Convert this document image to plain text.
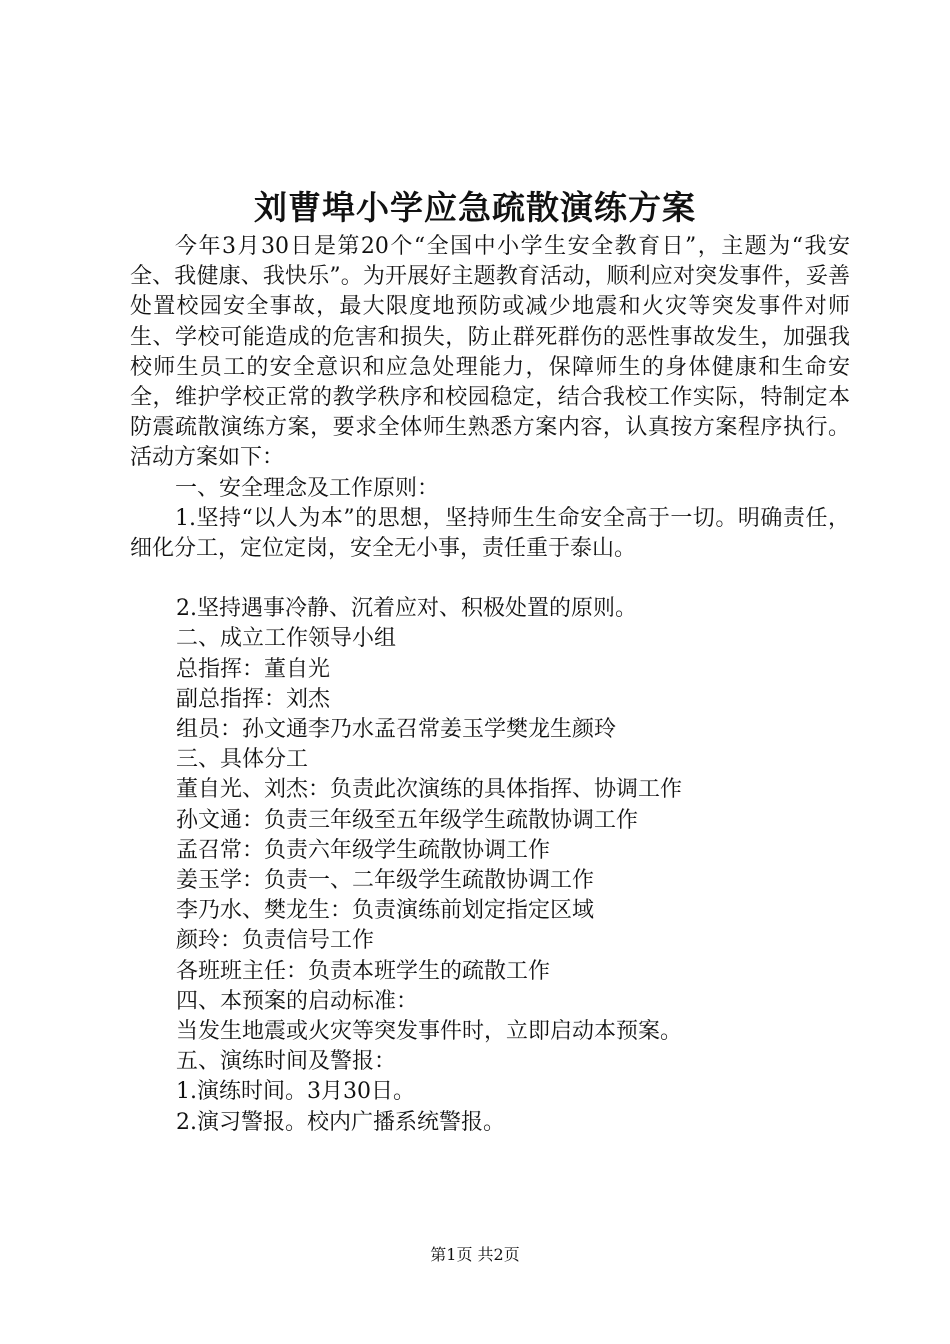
刘曹埠小学应急疏散演练方案

今年3月30日是第20个“全国中小学生安全教育日”，主题为“我安全、我健康、我快乐”。为开展好主题教育活动，顺利应对突发事件，妥善处置校园安全事故，最大限度地预防或减少地震和火灾等突发事件对师生、学校可能造成的危害和损失，防止群死群伤的恶性事故发生，加强我校师生员工的安全意识和应急处理能力，保障师生的身体健康和生命安全，维护学校正常的教学秩序和校园稳定，结合我校工作实际，特制定本防震疏散演练方案，要求全体师生熟悉方案内容，认真按方案程序执行。活动方案如下：

一、安全理念及工作原则：

1.坚持“以人为本”的思想，坚持师生生命安全高于一切。明确责任，细化分工，定位定岗，安全无小事，责任重于泰山。

2.坚持遇事冷静、沉着应对、积极处置的原则。

二、成立工作领导小组

总指挥：董自光

副总指挥：刘杰

组员：孙文通李乃水孟召常姜玉学樊龙生颜玲

三、具体分工

董自光、刘杰：负责此次演练的具体指挥、协调工作

孙文通：负责三年级至五年级学生疏散协调工作

孟召常：负责六年级学生疏散协调工作

姜玉学：负责一、二年级学生疏散协调工作

李乃水、樊龙生：负责演练前划定指定区域

颜玲：负责信号工作

各班班主任：负责本班学生的疏散工作

四、本预案的启动标准：

当发生地震或火灾等突发事件时，立即启动本预案。

五、演练时间及警报：

1.演练时间。3月30日。

2.演习警报。校内广播系统警报。

第1页 共2页
